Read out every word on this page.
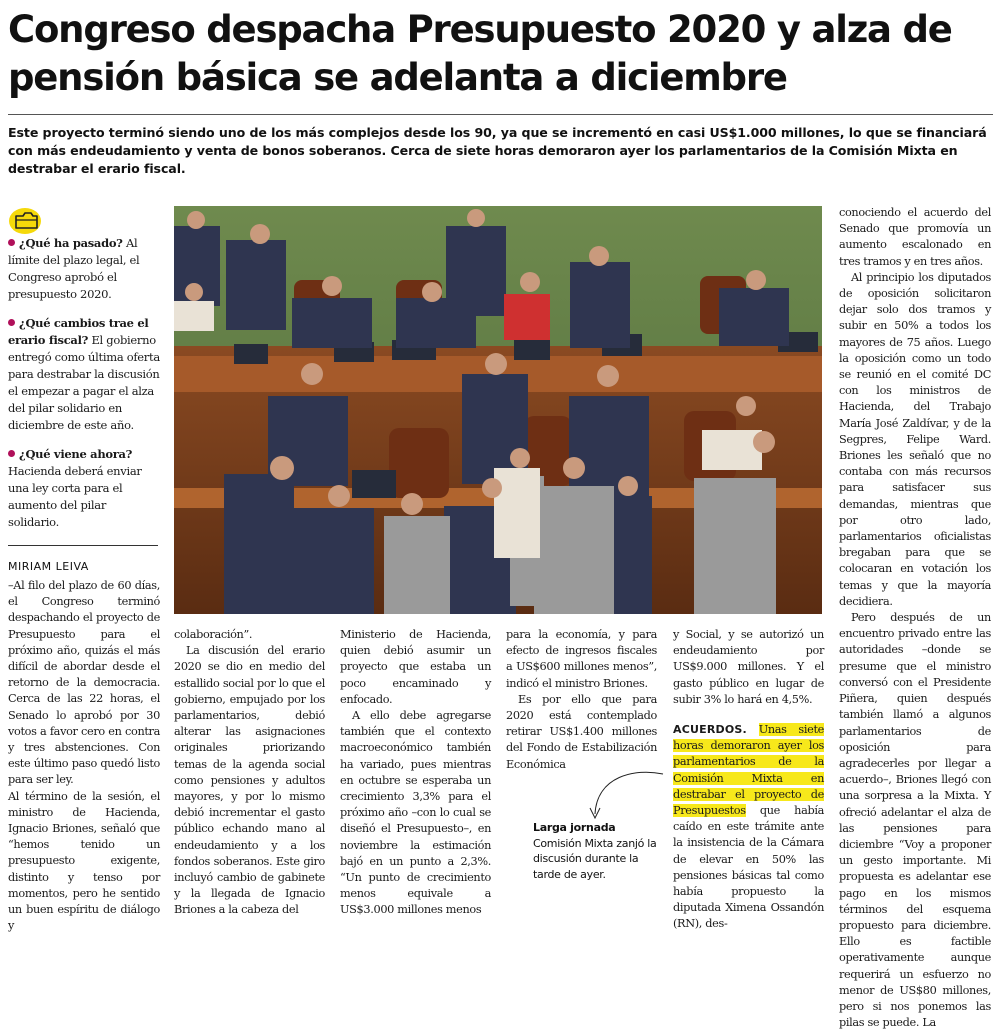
Congreso despacha Presupuesto 2020 y alza de pensión básica se adelanta a diciembre

Este proyecto terminó siendo uno de los más complejos desde los 90, ya que se incrementó en casi US$1.000 millones, lo que se financiará con más endeudamiento y venta de bonos soberanos. Cerca de siete horas demoraron ayer los parlamentarios de la Comisión Mixta en destrabar el erario fiscal.

¿Qué ha pasado? Al límite del plazo legal, el Congreso aprobó el presupuesto 2020.

¿Qué cambios trae el erario fiscal? El gobierno entregó como última oferta para destrabar la discusión el empezar a pagar el alza del pilar solidario en diciembre de este año.

¿Qué viene ahora? Hacienda deberá enviar una ley corta para el aumento del pilar solidario.

MIRIAM LEIVA

–Al filo del plazo de 60 días, el Congreso terminó despachando el proyecto de Presupuesto para el próximo año, quizás el más difícil de abordar desde el retorno de la democracia. Cerca de las 22 horas, el Senado lo aprobó por 30 votos a favor cero en contra y tres abstenciones. Con este último paso quedó listo para ser ley.

Al término de la sesión, el ministro de Hacienda, Ignacio Briones, señaló que “hemos tenido un presupuesto exigente, distinto y tenso por momentos, pero he sentido un buen espíritu de diálogo y

colaboración”.

La discusión del erario 2020 se dio en medio del estallido social por lo que el gobierno, empujado por los parlamentarios, debió alterar las asignaciones originales priorizando temas de la agenda social como pensiones y adultos mayores, y por lo mismo debió incrementar el gasto público echando mano al endeudamiento y a los fondos soberanos. Este giro incluyó cambio de gabinete y la llegada de Ignacio Briones a la cabeza del

Ministerio de Hacienda, quien debió asumir un proyecto que estaba un poco encaminado y enfocado.

A ello debe agregarse también que el contexto macroeconómico también ha variado, pues mientras en octubre se esperaba un crecimiento 3,3% para el próximo año –con lo cual se diseñó el Presupuesto–, en noviembre la estimación bajó en un punto a 2,3%. “Un punto de crecimiento menos equivale a US$3.000 millones menos

para la economía, y para efecto de ingresos fiscales a US$600 millones menos”, indicó el ministro Briones.

Es por ello que para 2020 está contemplado retirar US$1.400 millones del Fondo de Estabilización Económica

y Social, y se autorizó un endeudamiento por US$9.000 millones. Y el gasto público en lugar de subir 3% lo hará en 4,5%.

ACUERDOS. Unas siete horas demoraron ayer los parlamentarios de la Comisión Mixta en destrabar el proyecto de Presupuestos que había caído en este trámite ante la insistencia de la Cámara de elevar en 50% las pensiones básicas tal como había propuesto la diputada Ximena Ossandón (RN), des-

conociendo el acuerdo del Senado que promovía un aumento escalonado en tres tramos y en tres años.

Al principio los diputados de oposición solicitaron dejar solo dos tramos y subir en 50% a todos los mayores de 75 años. Luego la oposición como un todo se reunió en el comité DC con los ministros de Hacienda, del Trabajo María José Zaldívar, y de la Segpres, Felipe Ward. Briones les señaló que no contaba con más recursos para satisfacer sus demandas, mientras que por otro lado, parlamentarios oficialistas bregaban para que se colocaran en votación los temas y que la mayoría decidiera.

Pero después de un encuentro privado entre las autoridades –donde se presume que el ministro conversó con el Presidente Piñera, quien después también llamó a algunos parlamentarios de oposición para agradecerles por llegar a acuerdo–, Briones llegó con una sorpresa a la Mixta. Y ofreció adelantar el alza de las pensiones para diciembre “Voy a proponer un gesto importante. Mi propuesta es adelantar ese pago en los mismos términos del esquema propuesto para diciembre. Ello es factible operativamente aunque requerirá un esfuerzo no menor de US$80 millones, pero si nos ponemos las pilas se puede. La

Larga jornada
Comisión Mixta zanjó la discusión durante la tarde de ayer.
